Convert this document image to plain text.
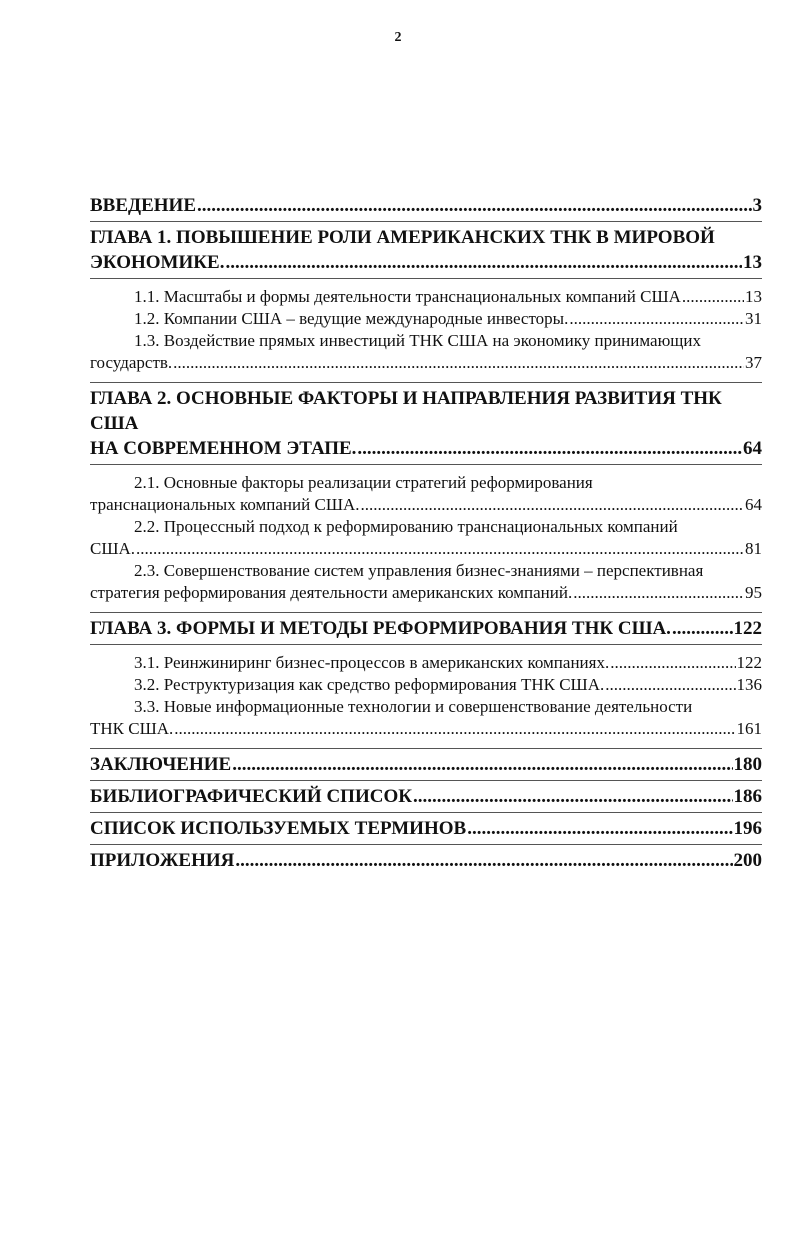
2
ВВЕДЕНИЕ .....	3
ГЛАВА 1. ПОВЫШЕНИЕ РОЛИ АМЕРИКАНСКИХ ТНК В МИРОВОЙ
ЭКОНОМИКЕ. .....	13
1.1. Масштабы и формы деятельности транснациональных компаний США .....	13
1.2. Компании США – ведущие международные инвесторы. .....	31
1.3. Воздействие прямых инвестиций ТНК США на экономику принимающих
государств. .....	37
ГЛАВА 2. ОСНОВНЫЕ ФАКТОРЫ И НАПРАВЛЕНИЯ РАЗВИТИЯ ТНК США
НА СОВРЕМЕННОМ ЭТАПЕ. .....	64
2.1. Основные факторы реализации стратегий реформирования
транснациональных компаний США. .....	64
2.2. Процессный подход к реформированию транснациональных компаний
США. .....	81
2.3. Совершенствование систем управления бизнес-знаниями – перспективная
стратегия реформирования деятельности американских компаний. .....	95
ГЛАВА 3. ФОРМЫ И МЕТОДЫ РЕФОРМИРОВАНИЯ ТНК США. .....	122
3.1. Реинжиниринг бизнес-процессов в американских компаниях. .....	122
3.2. Реструктуризация как средство реформирования ТНК США. .....	136
3.3. Новые информационные технологии и совершенствование деятельности
ТНК США. .....	161
ЗАКЛЮЧЕНИЕ .....	180
БИБЛИОГРАФИЧЕСКИЙ СПИСОК .....	186
СПИСОК ИСПОЛЬЗУЕМЫХ ТЕРМИНОВ .....	196
ПРИЛОЖЕНИЯ .....	200
